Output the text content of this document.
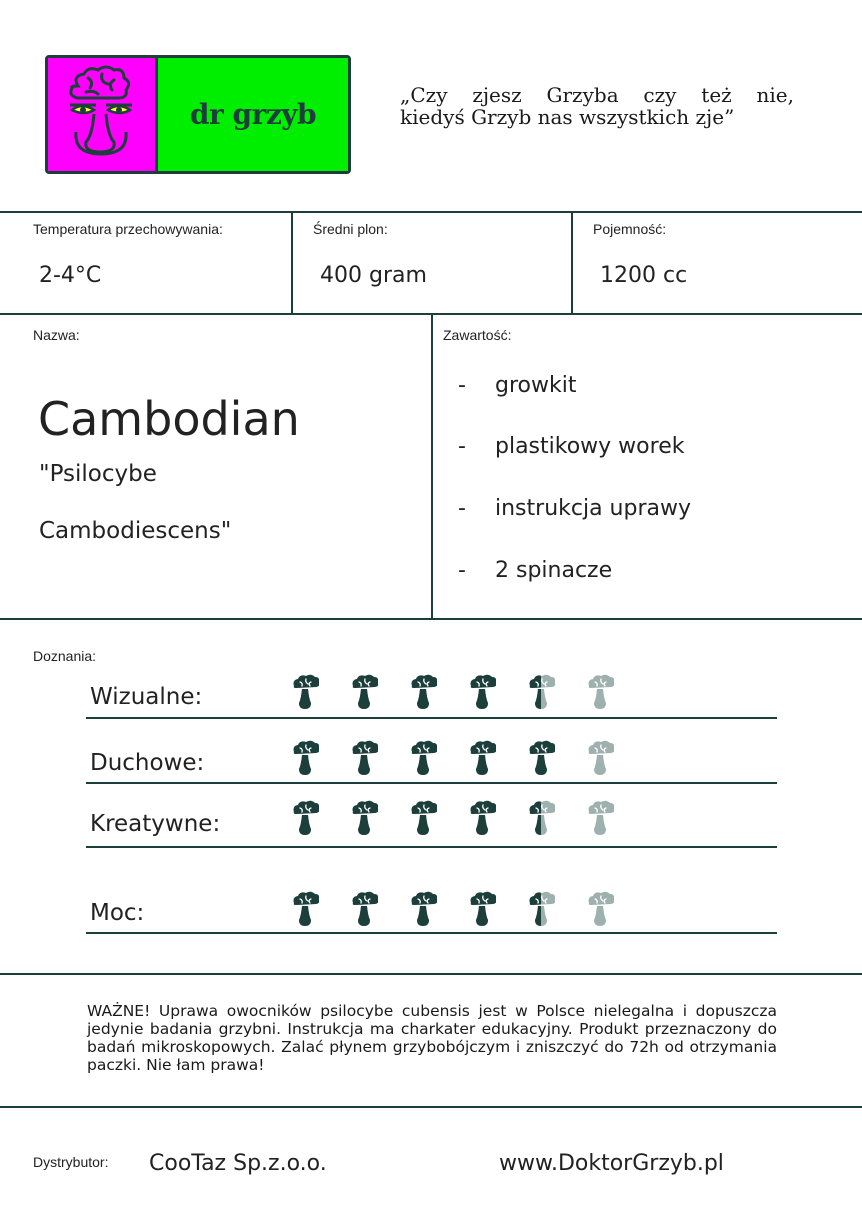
dr grzyb
„Czy zjesz Grzyba czy też nie,
kiedyś Grzyb nas wszystkich zje”
Temperatura przechowywania:
2-4°C
Średni plon:
400 gram
Pojemność:
1200 cc
Nazwa:
Cambodian
"Psilocybe
Cambodiescens"
Zawartość:
- growkit
- plastikowy worek
- instrukcja uprawy
- 2 spinacze
Doznania:
Wizualne:
Duchowe:
Kreatywne:
Moc:
WAŻNE! Uprawa owocników psilocybe cubensis jest w Polsce nielegalna i dopuszcza jedynie badania grzybni. Instrukcja ma charkater edukacyjny. Produkt przeznaczony do badań mikroskopowych. Zalać płynem grzybobójczym i zniszczyć do 72h od otrzymania paczki. Nie łam prawa!
Dystrybutor: CooTaz Sp.z.o.o.	www.DoktorGrzyb.pl
